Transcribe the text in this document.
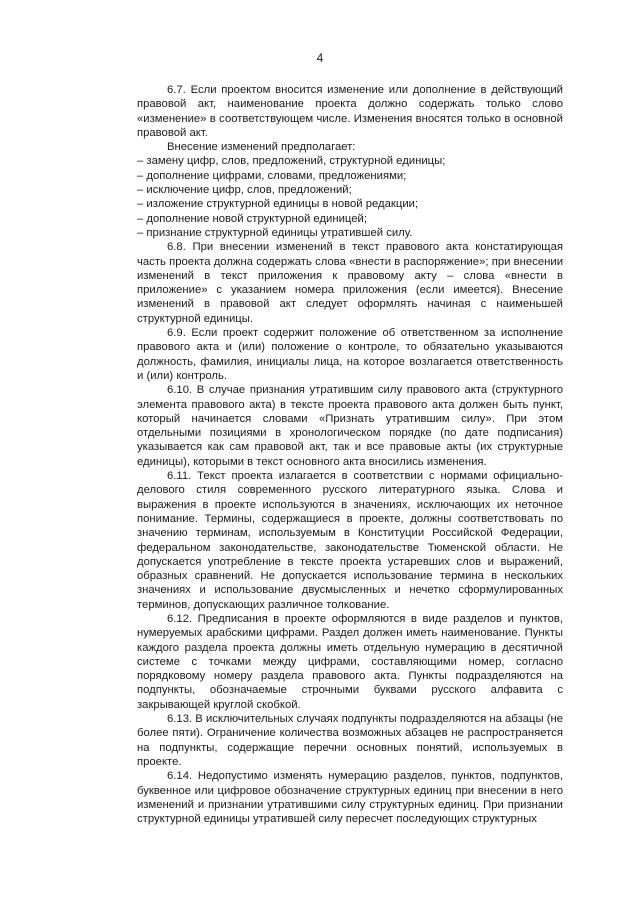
4

6.7. Если проектом вносится изменение или дополнение в действующий правовой акт, наименование проекта должно содержать только слово «изменение» в соответствующем числе. Изменения вносятся только в основной правовой акт.

Внесение изменений предполагает:

– замену цифр, слов, предложений, структурной единицы;

– дополнение цифрами, словами, предложениями;

– исключение цифр, слов, предложений;

– изложение структурной единицы в новой редакции;

– дополнение новой структурной единицей;

– признание структурной единицы утратившей силу.

6.8. При внесении изменений в текст правового акта констатирующая часть проекта должна содержать слова «внести в распоряжение»; при внесении изменений в текст приложения к правовому акту – слова «внести в приложение» с указанием номера приложения (если имеется). Внесение изменений в правовой акт следует оформлять начиная с наименьшей структурной единицы.

6.9. Если проект содержит положение об ответственном за исполнение правового акта и (или) положение о контроле, то обязательно указываются должность, фамилия, инициалы лица, на которое возлагается ответственность и (или) контроль.

6.10. В случае признания утратившим силу правового акта (структурного элемента правового акта) в тексте проекта правового акта должен быть пункт, который начинается словами «Признать утратившим силу». При этом отдельными позициями в хронологическом порядке (по дате подписания) указывается как сам правовой акт, так и все правовые акты (их структурные единицы), которыми в текст основного акта вносились изменения.

6.11. Текст проекта излагается в соответствии с нормами официально-делового стиля современного русского литературного языка. Слова и выражения в проекте используются в значениях, исключающих их неточное понимание. Термины, содержащиеся в проекте, должны соответствовать по значению терминам, используемым в Конституции Российской Федерации, федеральном законодательстве, законодательстве Тюменской области. Не допускается употребление в тексте проекта устаревших слов и выражений, образных сравнений. Не допускается использование термина в нескольких значениях и использование двусмысленных и нечетко сформулированных терминов, допускающих различное толкование.

6.12. Предписания в проекте оформляются в виде разделов и пунктов, нумеруемых арабскими цифрами. Раздел должен иметь наименование. Пункты каждого раздела проекта должны иметь отдельную нумерацию в десятичной системе с точками между цифрами, составляющими номер, согласно порядковому номеру раздела правового акта. Пункты подразделяются на подпункты, обозначаемые строчными буквами русского алфавита с закрывающей круглой скобкой.

6.13. В исключительных случаях подпункты подразделяются на абзацы (не более пяти). Ограничение количества возможных абзацев не распространяется на подпункты, содержащие перечни основных понятий, используемых в проекте.

6.14. Недопустимо изменять нумерацию разделов, пунктов, подпунктов, буквенное или цифровое обозначение структурных единиц при внесении в него изменений и признании утратившими силу структурных единиц. При признании структурной единицы утратившей силу пересчет последующих структурных
